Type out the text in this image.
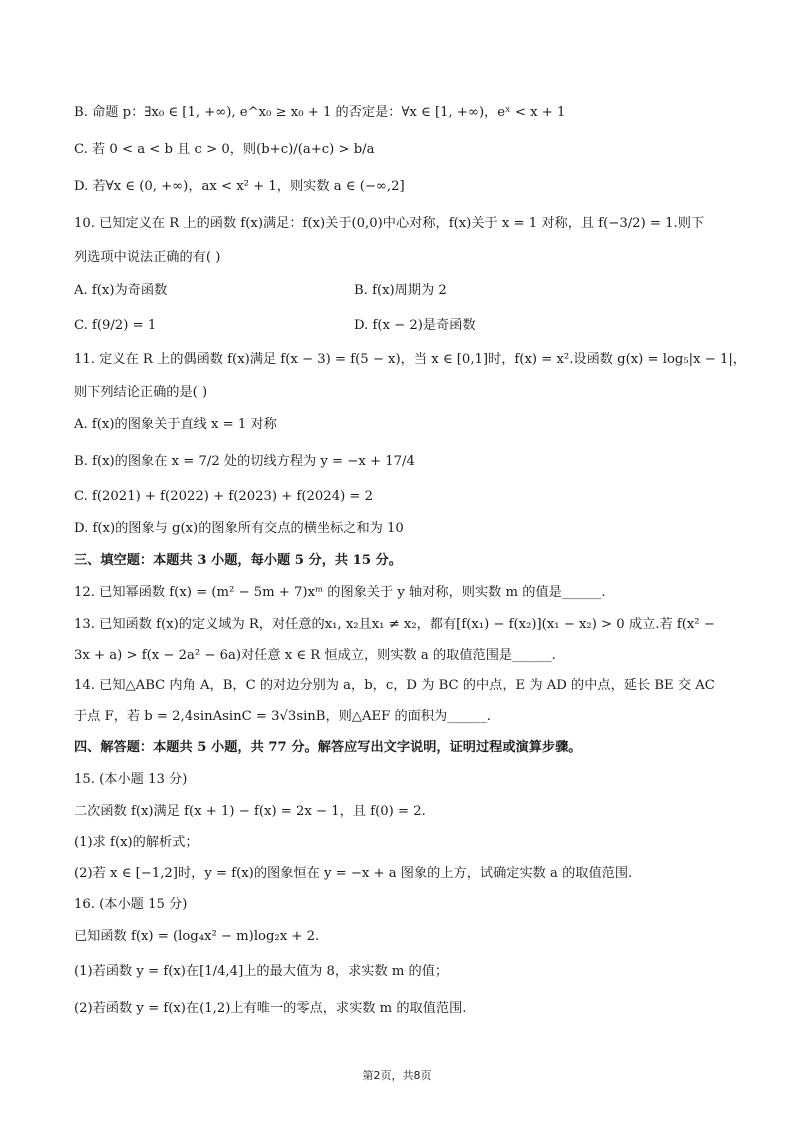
B. 命题 p：∃x₀ ∈ [1, +∞), e^x₀ ≥ x₀ + 1 的否定是：∀x ∈ [1, +∞)，eˣ < x + 1
C. 若 0 < a < b 且 c > 0，则(b+c)/(a+c) > b/a
D. 若∀x ∈ (0, +∞)，ax < x² + 1，则实数 a ∈ (−∞,2]
10. 已知定义在 R 上的函数 f(x)满足：f(x)关于(0,0)中心对称，f(x)关于 x = 1 对称，且 f(−3/2) = 1.则下
列选项中说法正确的有( )
A. f(x)为奇函数	B. f(x)周期为 2
C. f(9/2) = 1	D. f(x − 2)是奇函数
11. 定义在 R 上的偶函数 f(x)满足 f(x − 3) = f(5 − x)，当 x ∈ [0,1]时，f(x) = x².设函数 g(x) = log₅|x − 1|，
则下列结论正确的是( )
A. f(x)的图象关于直线 x = 1 对称
B. f(x)的图象在 x = 7/2 处的切线方程为 y = −x + 17/4
C. f(2021) + f(2022) + f(2023) + f(2024) = 2
D. f(x)的图象与 g(x)的图象所有交点的横坐标之和为 10
三、填空题：本题共 3 小题，每小题 5 分，共 15 分。
12. 已知幂函数 f(x) = (m² − 5m + 7)xᵐ 的图象关于 y 轴对称，则实数 m 的值是______.
13. 已知函数 f(x)的定义域为 R，对任意的x₁, x₂且x₁ ≠ x₂，都有[f(x₁) − f(x₂)](x₁ − x₂) > 0 成立.若 f(x² −
3x + a) > f(x − 2a² − 6a)对任意 x ∈ R 恒成立，则实数 a 的取值范围是______.
14. 已知△ABC 内角 A，B，C 的对边分别为 a，b，c，D 为 BC 的中点，E 为 AD 的中点，延长 BE 交 AC
于点 F，若 b = 2,4sinAsinC = 3√3sinB，则△AEF 的面积为______.
四、解答题：本题共 5 小题，共 77 分。解答应写出文字说明，证明过程或演算步骤。
15. (本小题 13 分)
二次函数 f(x)满足 f(x + 1) − f(x) = 2x − 1，且 f(0) = 2.
(1)求 f(x)的解析式；
(2)若 x ∈ [−1,2]时，y = f(x)的图象恒在 y = −x + a 图象的上方，试确定实数 a 的取值范围.
16. (本小题 15 分)
已知函数 f(x) = (log₄x² − m)log₂x + 2.
(1)若函数 y = f(x)在[1/4,4]上的最大值为 8，求实数 m 的值；
(2)若函数 y = f(x)在(1,2)上有唯一的零点，求实数 m 的取值范围.
第2页，共8页
